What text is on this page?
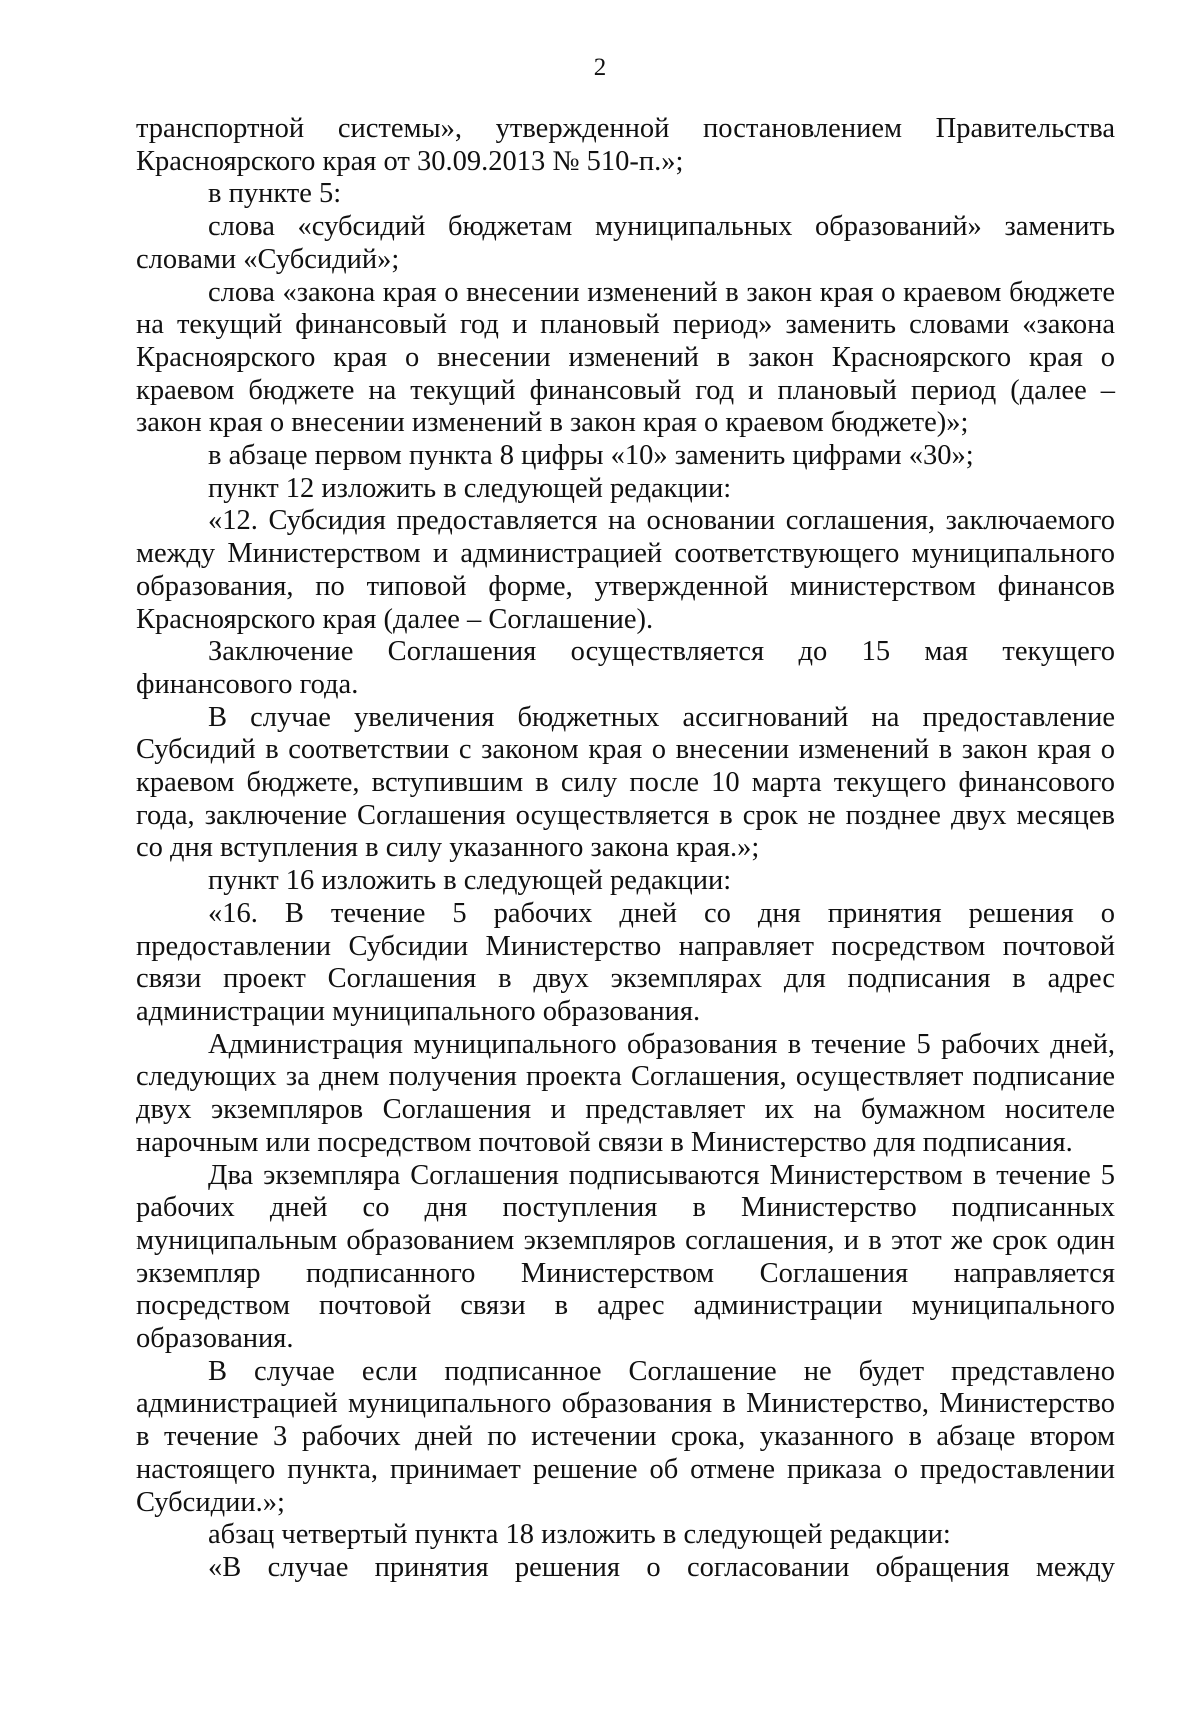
2

транспортной системы», утвержденной постановлением Правительства Красноярского края от 30.09.2013 № 510-п.»;

в пункте 5:

слова «субсидий бюджетам муниципальных образований» заменить словами «Субсидий»;

слова «закона края о внесении изменений в закон края о краевом бюджете на текущий финансовый год и плановый период» заменить словами «закона Красноярского края о внесении изменений в закон Красноярского края о краевом бюджете на текущий финансовый год и плановый период (далее – закон края о внесении изменений в закон края о краевом бюджете)»;

в абзаце первом пункта 8 цифры «10» заменить цифрами «30»;

пункт 12 изложить в следующей редакции:

«12. Субсидия предоставляется на основании соглашения, заключаемого между Министерством и администрацией соответствующего муниципального образования, по типовой форме, утвержденной министерством финансов Красноярского края (далее – Соглашение).

Заключение Соглашения осуществляется до 15 мая текущего финансового года.

В случае увеличения бюджетных ассигнований на предоставление Субсидий в соответствии с законом края о внесении изменений в закон края о краевом бюджете, вступившим в силу после 10 марта текущего финансового года, заключение Соглашения осуществляется в срок не позднее двух месяцев со дня вступления в силу указанного закона края.»;

пункт 16 изложить в следующей редакции:

«16. В течение 5 рабочих дней со дня принятия решения о предоставлении Субсидии Министерство направляет посредством почтовой связи проект Соглашения в двух экземплярах для подписания в адрес администрации муниципального образования.

Администрация муниципального образования в течение 5 рабочих дней, следующих за днем получения проекта Соглашения, осуществляет подписание двух экземпляров Соглашения и представляет их на бумажном носителе нарочным или посредством почтовой связи в Министерство для подписания.

Два экземпляра Соглашения подписываются Министерством в течение 5 рабочих дней со дня поступления в Министерство подписанных муниципальным образованием экземпляров соглашения, и в этот же срок один экземпляр подписанного Министерством Соглашения направляется посредством почтовой связи в адрес администрации муниципального образования.

В случае если подписанное Соглашение не будет представлено администрацией муниципального образования в Министерство, Министерство в течение 3 рабочих дней по истечении срока, указанного в абзаце втором настоящего пункта, принимает решение об отмене приказа о предоставлении Субсидии.»;

абзац четвертый пункта 18 изложить в следующей редакции:

«В случае принятия решения о согласовании обращения между
